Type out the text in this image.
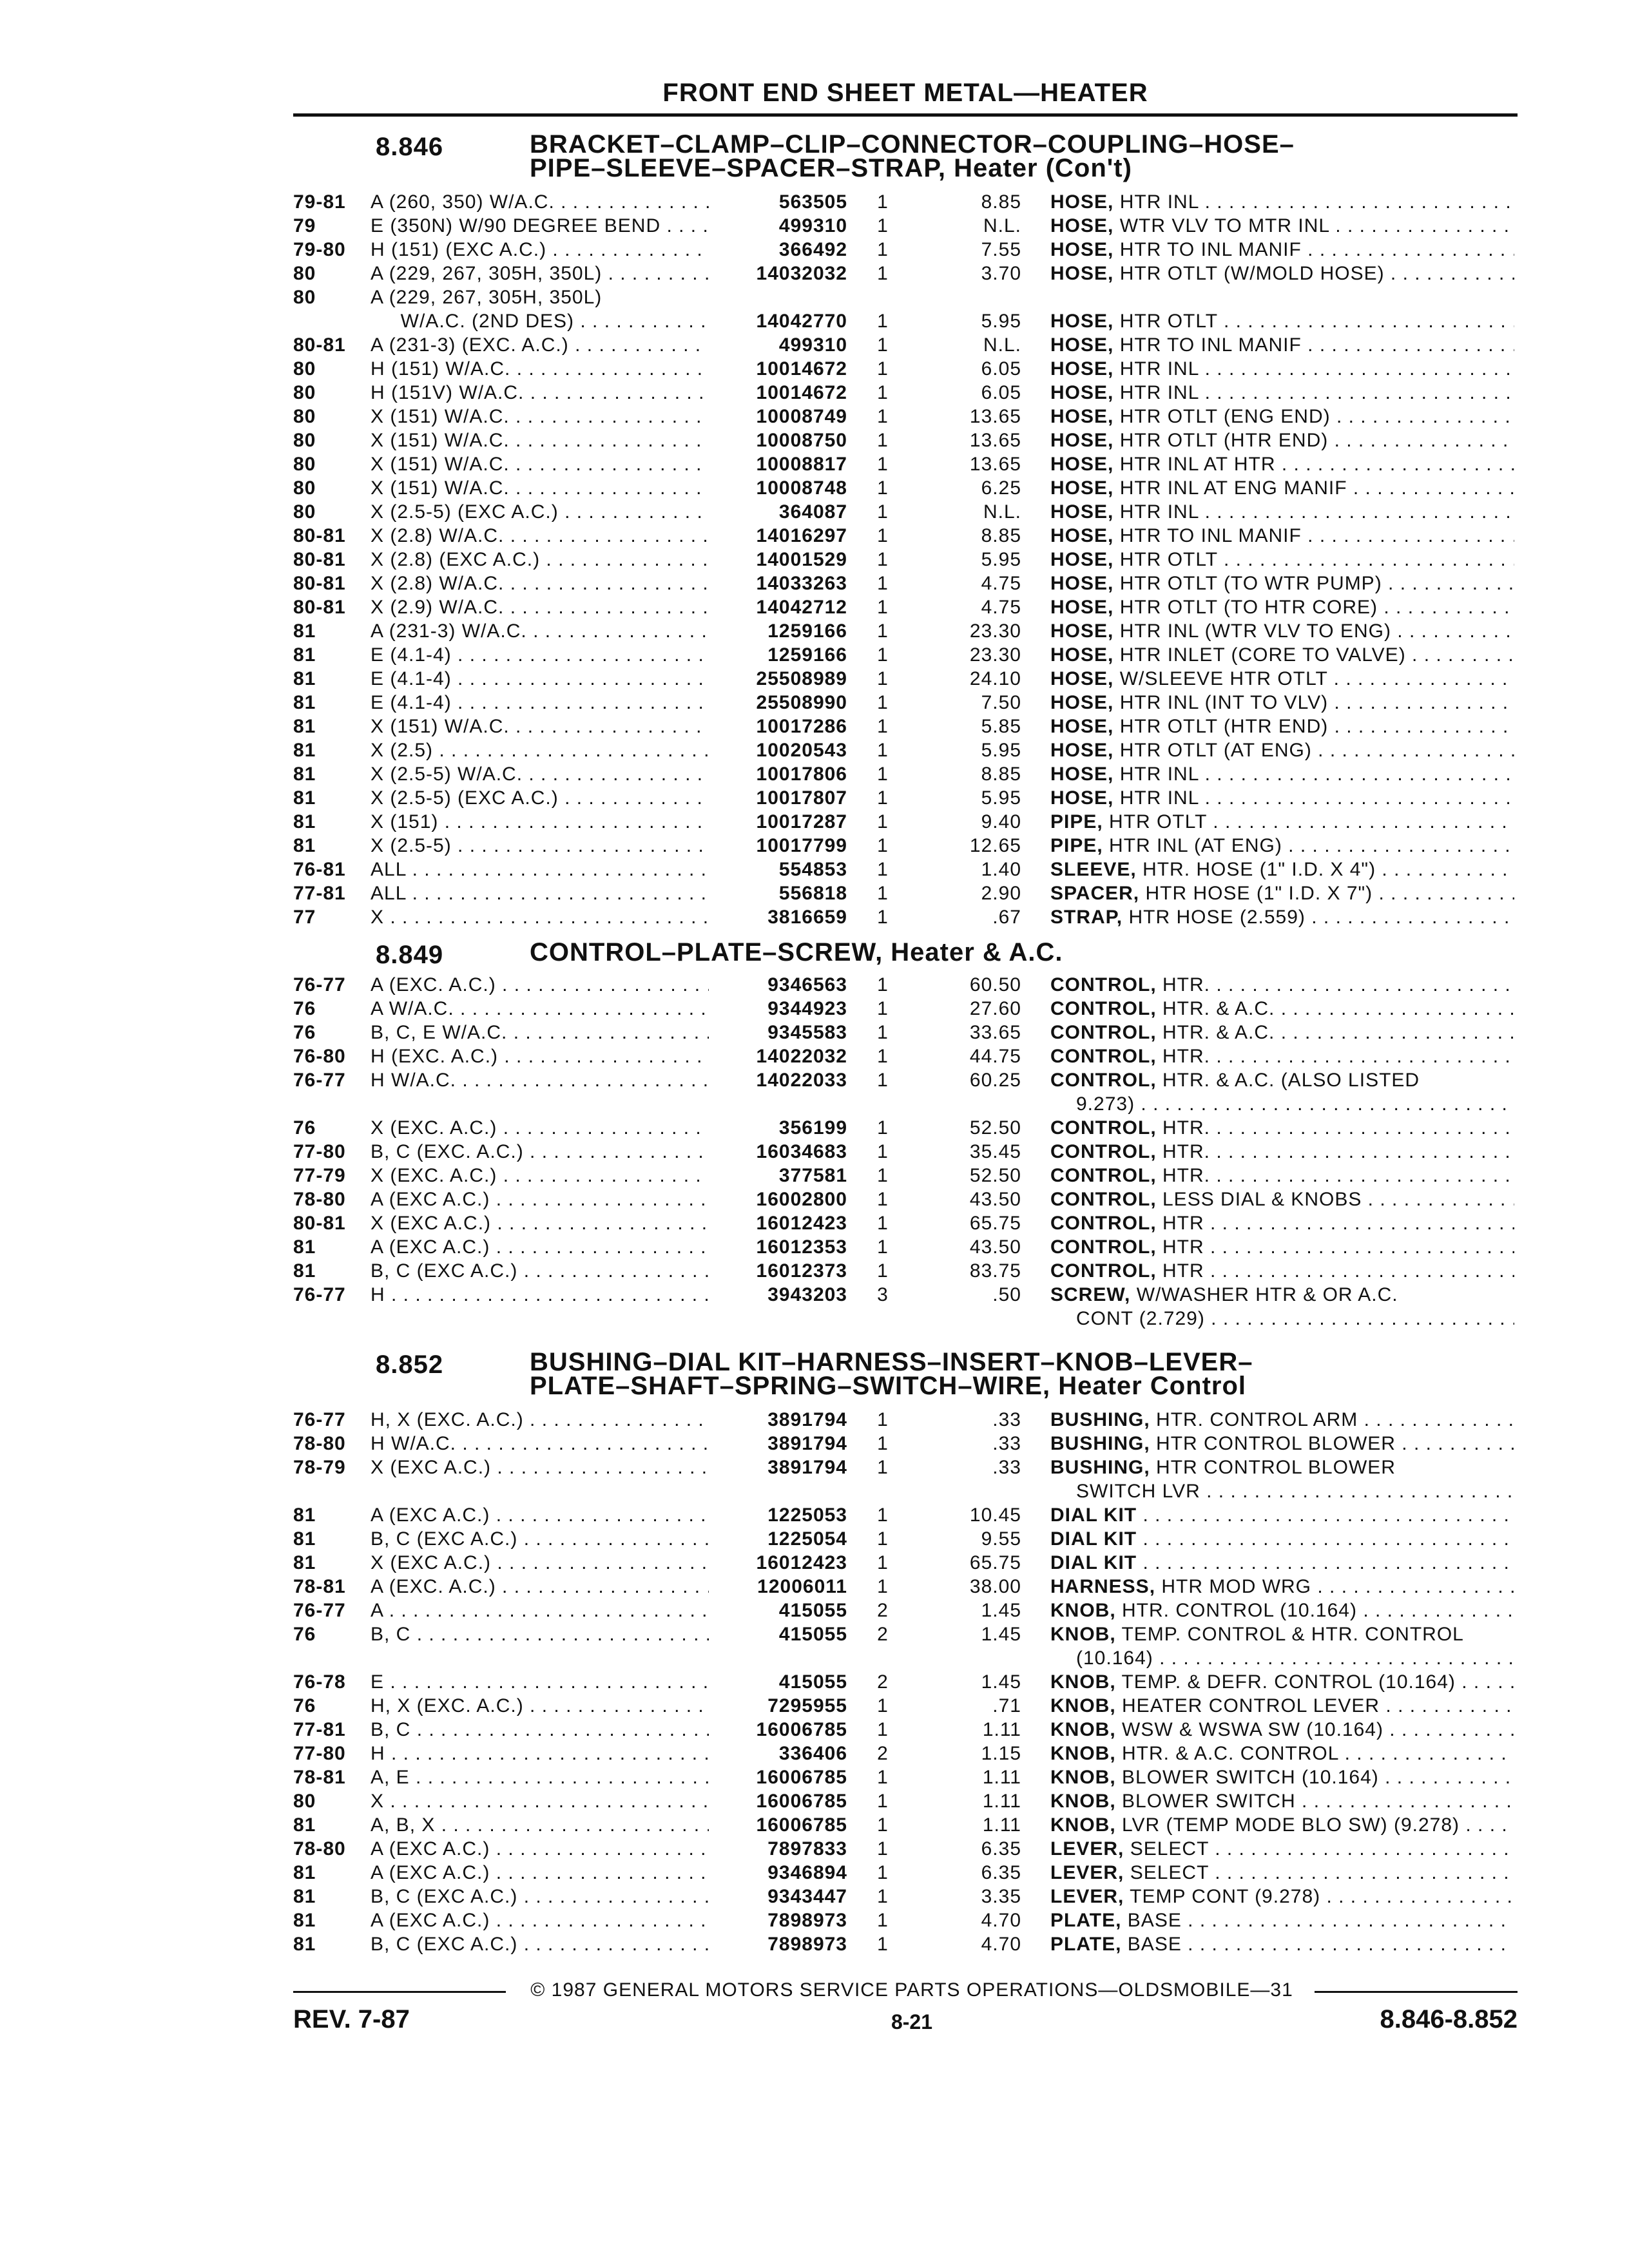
FRONT END SHEET METAL—HEATER
8.846	BRACKET–CLAMP–CLIP–CONNECTOR–COUPLING–HOSE–
PIPE–SLEEVE–SPACER–STRAP, Heater (Con't)
79-81	A (260, 350) W/A.C. . . .	563505	1	8.85 HOSE, HTR INL . . .
79	E (350N) W/90 DEGREE BEND . . .	499310	1	N.L. HOSE, WTR VLV TO MTR INL . . .
79-80	H (151) (EXC A.C.) . . .	366492	1	7.55 HOSE, HTR TO INL MANIF . . .
80	A (229, 267, 305H, 350L) . . .	14032032	1	3.70 HOSE, HTR OTLT (W/MOLD HOSE) . . .
80	A (229, 267, 305H, 350L)
W/A.C. (2ND DES) . . .	14042770	1	5.95 HOSE, HTR OTLT . . .
80-81	A (231-3) (EXC. A.C.) . . .	499310	1	N.L. HOSE, HTR TO INL MANIF . . .
80	H (151) W/A.C. . . .	10014672	1	6.05 HOSE, HTR INL . . .
80	H (151V) W/A.C. . . .	10014672	1	6.05 HOSE, HTR INL . . .
80	X (151) W/A.C. . . .	10008749	1	13.65 HOSE, HTR OTLT (ENG END) . . .
80	X (151) W/A.C. . . .	10008750	1	13.65 HOSE, HTR OTLT (HTR END) . . .
80	X (151) W/A.C. . . .	10008817	1	13.65 HOSE, HTR INL AT HTR . . .
80	X (151) W/A.C. . . .	10008748	1	6.25 HOSE, HTR INL AT ENG MANIF . . .
80	X (2.5-5) (EXC A.C.) . . .	364087	1	N.L. HOSE, HTR INL . . .
80-81	X (2.8) W/A.C. . . .	14016297	1	8.85 HOSE, HTR TO INL MANIF . . .
80-81	X (2.8) (EXC A.C.) . . .	14001529	1	5.95 HOSE, HTR OTLT . . .
80-81	X (2.8) W/A.C. . . .	14033263	1	4.75 HOSE, HTR OTLT (TO WTR PUMP) . . .
80-81	X (2.9) W/A.C. . . .	14042712	1	4.75 HOSE, HTR OTLT (TO HTR CORE) . . .
81	A (231-3) W/A.C. . . .	1259166	1	23.30 HOSE, HTR INL (WTR VLV TO ENG) . . .
81	E (4.1-4) . . .	1259166	1	23.30 HOSE, HTR INLET (CORE TO VALVE) . . .
81	E (4.1-4) . . .	25508989	1	24.10 HOSE, W/SLEEVE HTR OTLT . . .
81	E (4.1-4) . . .	25508990	1	7.50 HOSE, HTR INL (INT TO VLV) . . .
81	X (151) W/A.C. . . .	10017286	1	5.85 HOSE, HTR OTLT (HTR END) . . .
81	X (2.5) . . .	10020543	1	5.95 HOSE, HTR OTLT (AT ENG) . . .
81	X (2.5-5) W/A.C. . . .	10017806	1	8.85 HOSE, HTR INL . . .
81	X (2.5-5) (EXC A.C.) . . .	10017807	1	5.95 HOSE, HTR INL . . .
81	X (151) . . .	10017287	1	9.40 PIPE, HTR OTLT . . .
81	X (2.5-5) . . .	10017799	1	12.65 PIPE, HTR INL (AT ENG) . . .
76-81	ALL . . .	554853	1	1.40 SLEEVE, HTR. HOSE (1" I.D. X 4") . . .
77-81	ALL . . .	556818	1	2.90 SPACER, HTR HOSE (1" I.D. X 7") . . .
77	X . . .	3816659	1	.67 STRAP, HTR HOSE (2.559) . . .
8.849	CONTROL–PLATE–SCREW, Heater & A.C.
76-77	A (EXC. A.C.) . . .	9346563	1	60.50 CONTROL, HTR. . . .
76	A W/A.C. . . .	9344923	1	27.60 CONTROL, HTR. & A.C. . . .
76	B, C, E W/A.C. . . .	9345583	1	33.65 CONTROL, HTR. & A.C. . . .
76-80	H (EXC. A.C.) . . .	14022032	1	44.75 CONTROL, HTR. . . .
76-77	H W/A.C. . . .	14022033	1	60.25 CONTROL, HTR. & A.C. (ALSO LISTED
9.273) . . .
76	X (EXC. A.C.) . . .	356199	1	52.50 CONTROL, HTR. . . .
77-80	B, C (EXC. A.C.) . . .	16034683	1	35.45 CONTROL, HTR. . . .
77-79	X (EXC. A.C.) . . .	377581	1	52.50 CONTROL, HTR. . . .
78-80	A (EXC A.C.) . . .	16002800	1	43.50 CONTROL, LESS DIAL & KNOBS . . .
80-81	X (EXC A.C.) . . .	16012423	1	65.75 CONTROL, HTR . . .
81	A (EXC A.C.) . . .	16012353	1	43.50 CONTROL, HTR . . .
81	B, C (EXC A.C.) . . .	16012373	1	83.75 CONTROL, HTR . . .
76-77	H . . .	3943203	3	.50 SCREW, W/WASHER HTR & OR A.C.
CONT (2.729) . . .
8.852	BUSHING–DIAL KIT–HARNESS–INSERT–KNOB–LEVER–
PLATE–SHAFT–SPRING–SWITCH–WIRE, Heater Control
76-77	H, X (EXC. A.C.) . . .	3891794	1	.33 BUSHING, HTR. CONTROL ARM . . .
78-80	H W/A.C. . . .	3891794	1	.33 BUSHING, HTR CONTROL BLOWER . . .
78-79	X (EXC A.C.) . . .	3891794	1	.33 BUSHING, HTR CONTROL BLOWER
SWITCH LVR . . .
81	A (EXC A.C.) . . .	1225053	1	10.45 DIAL KIT . . .
81	B, C (EXC A.C.) . . .	1225054	1	9.55 DIAL KIT . . .
81	X (EXC A.C.) . . .	16012423	1	65.75 DIAL KIT . . .
78-81	A (EXC. A.C.) . . .	12006011	1	38.00 HARNESS, HTR MOD WRG . . .
76-77	A . . .	415055	2	1.45 KNOB, HTR. CONTROL (10.164) . . .
76	B, C . . .	415055	2	1.45 KNOB, TEMP. CONTROL & HTR. CONTROL
(10.164) . . .
76-78	E . . .	415055	2	1.45 KNOB, TEMP. & DEFR. CONTROL (10.164) . . .
76	H, X (EXC. A.C.) . . .	7295955	1	.71 KNOB, HEATER CONTROL LEVER . . .
77-81	B, C . . .	16006785	1	1.11 KNOB, WSW & WSWA SW (10.164) . . .
77-80	H . . .	336406	2	1.15 KNOB, HTR. & A.C. CONTROL . . .
78-81	A, E . . .	16006785	1	1.11 KNOB, BLOWER SWITCH (10.164) . . .
80	X . . .	16006785	1	1.11 KNOB, BLOWER SWITCH . . .
81	A, B, X . . .	16006785	1	1.11 KNOB, LVR (TEMP MODE BLO SW) (9.278) . . .
78-80	A (EXC A.C.) . . .	7897833	1	6.35 LEVER, SELECT . . .
81	A (EXC A.C.) . . .	9346894	1	6.35 LEVER, SELECT . . .
81	B, C (EXC A.C.) . . .	9343447	1	3.35 LEVER, TEMP CONT (9.278) . . .
81	A (EXC A.C.) . . .	7898973	1	4.70 PLATE, BASE . . .
81	B, C (EXC A.C.) . . .	7898973	1	4.70 PLATE, BASE . . .
© 1987 GENERAL MOTORS SERVICE PARTS OPERATIONS—OLDSMOBILE—31
REV. 7-87	8-21	8.846-8.852
